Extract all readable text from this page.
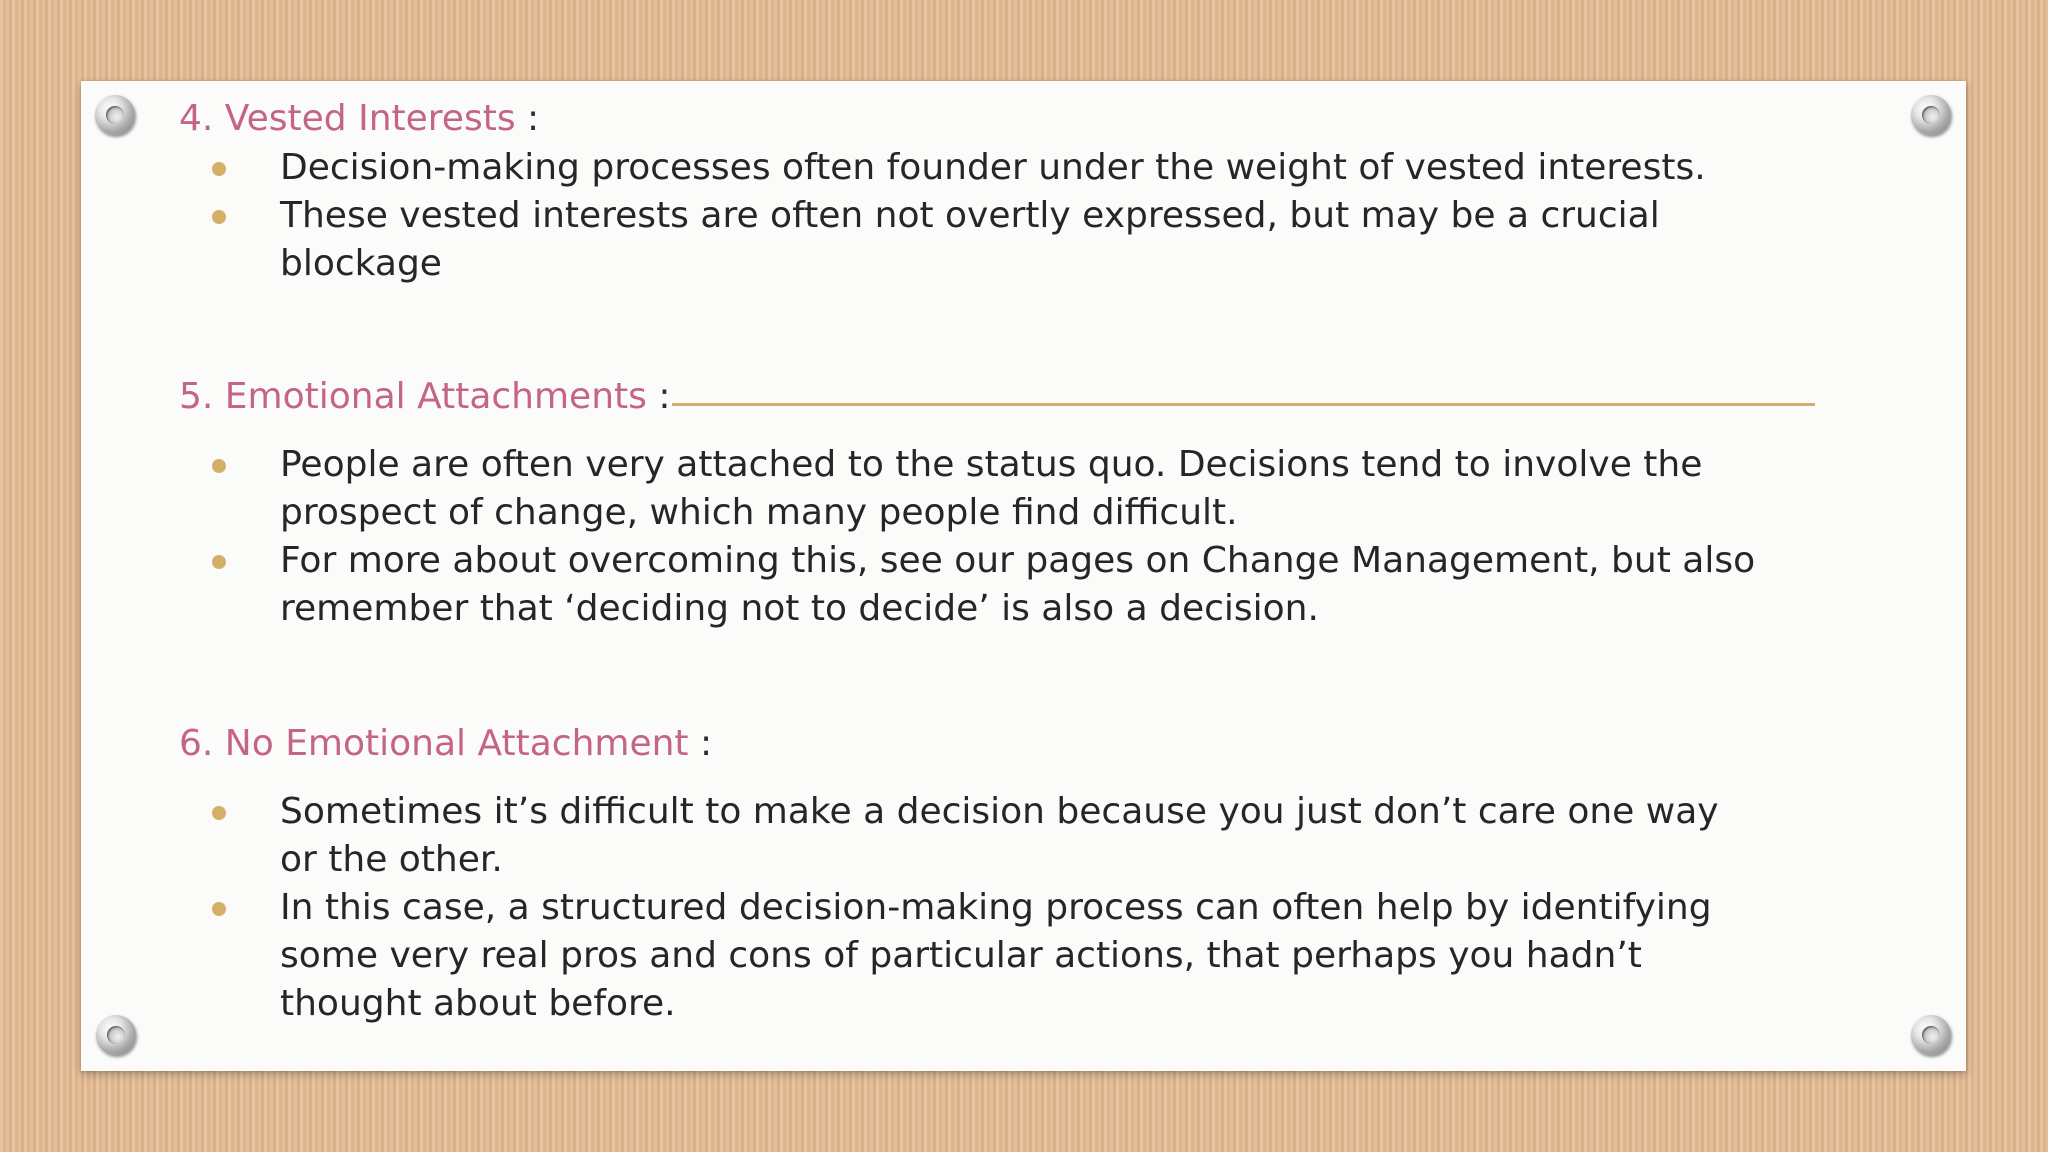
4. Vested Interests :
Decision-making processes often founder under the weight of vested interests.
These vested interests are often not overtly expressed, but may be a crucial blockage
5. Emotional Attachments :
People are often very attached to the status quo. Decisions tend to involve the prospect of change, which many people find difficult.
For more about overcoming this, see our pages on Change Management, but also remember that ‘deciding not to decide’ is also a decision.
6. No Emotional Attachment :
Sometimes it’s difficult to make a decision because you just don’t care one way or the other.
In this case, a structured decision-making process can often help by identifying some very real pros and cons of particular actions, that perhaps you hadn’t thought about before.
